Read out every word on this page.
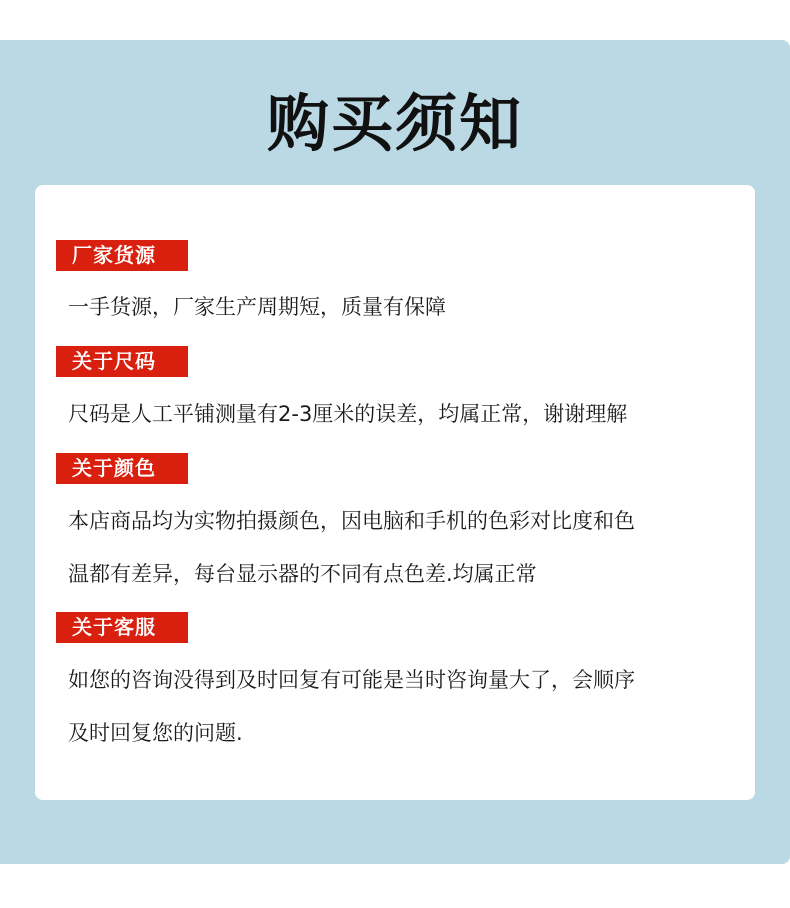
购买须知
厂家货源
一手货源，厂家生产周期短，质量有保障
关于尺码
尺码是人工平铺测量有2-3厘米的误差，均属正常，谢谢理解
关于颜色
本店商品均为实物拍摄颜色，因电脑和手机的色彩对比度和色
温都有差异，每台显示器的不同有点色差.均属正常
关于客服
如您的咨询没得到及时回复有可能是当时咨询量大了，会顺序
及时回复您的问题.
